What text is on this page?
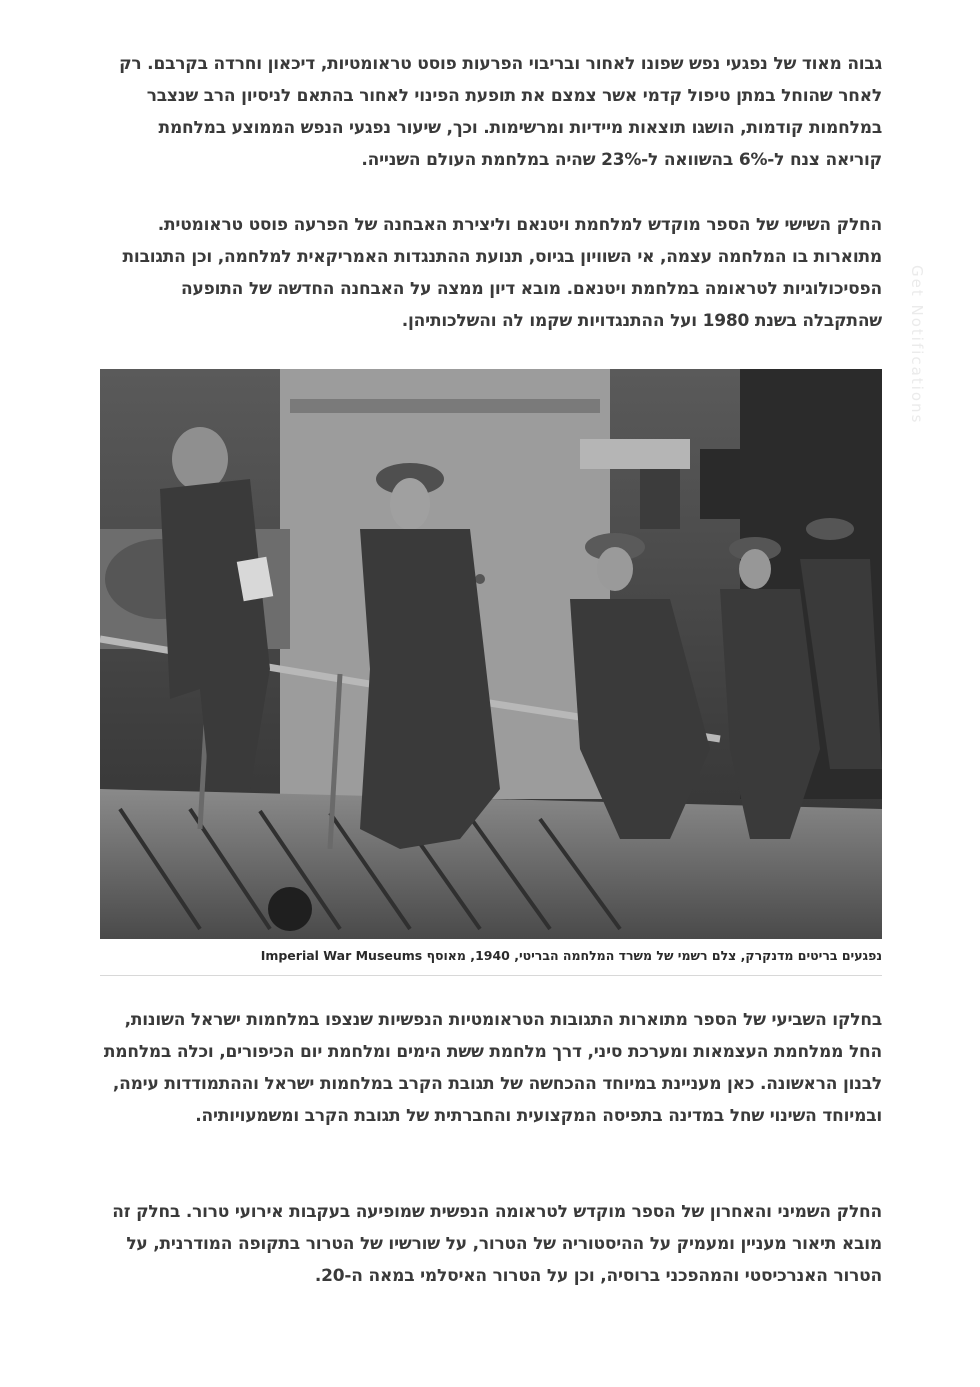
גבוה מאוד של נפגעי נפש שפונו לאחור ובריבוי הפרעות פוסט טראומטיות, דיכאון וחרדה בקרבם. רק לאחר שהוחל במתן טיפול קדמי אשר צמצם את תופעת הפינוי לאחור בהתאם לניסיון הרב שנצבר במלחמות קודמות, הושגו תוצאות מיידיות ומרשימות. וכך, שיעור נפגעי הנפש הממוצע במלחמת קוריאה צנח ל-6% בהשוואה ל-23% שהיה במלחמת העולם השנייה.

החלק השישי של הספר מוקדש למלחמת ויטנאם וליצירת האבחנה של הפרעה פוסט טראומטית. מתוארות בו המלחמה עצמה, אי השוויון בגיוס, תנועת ההתנגדות האמריקאית למלחמה, וכן התגובות הפסיכולוגיות לטראומה במלחמת ויטנאם. מובא דיון ממצה על האבחנה החדשה של התופעה שהתקבלה בשנת 1980 ועל ההתנגדויות שקמו לה והשלכותיהן.

נפגעים בריטים מדנקרק, צלם רשמי של משרד המלחמה הבריטי, 1940, מאוסף Imperial War Museums

בחלקו השביעי של הספר מתוארות התגובות הטראומטיות הנפשיות שנצפו במלחמות ישראל השונות, החל ממלחמת העצמאות ומערכת סיני, דרך מלחמת ששת הימים ומלחמת יום הכיפורים, וכלה במלחמת לבנון הראשונה. כאן מעניינת במיוחד ההכחשה של תגובת הקרב במלחמות ישראל וההתמודדות עימה, ובמיוחד השינוי שחל במדינה בתפיסה המקצועית והחברתית של תגובת הקרב ומשמעויותיה.

החלק השמיני והאחרון של הספר מוקדש לטראומה הנפשית שמופיעה בעקבות אירועי טרור. בחלק זה מובא תיאור מעניין ומעמיק על ההיסטוריה של הטרור, על שורשיו של הטרור בתקופה המודרנית, על הטרור האנרכיסטי והמהפכני ברוסיה, וכן על הטרור האיסלמי במאה ה-20.

Get Notifications
